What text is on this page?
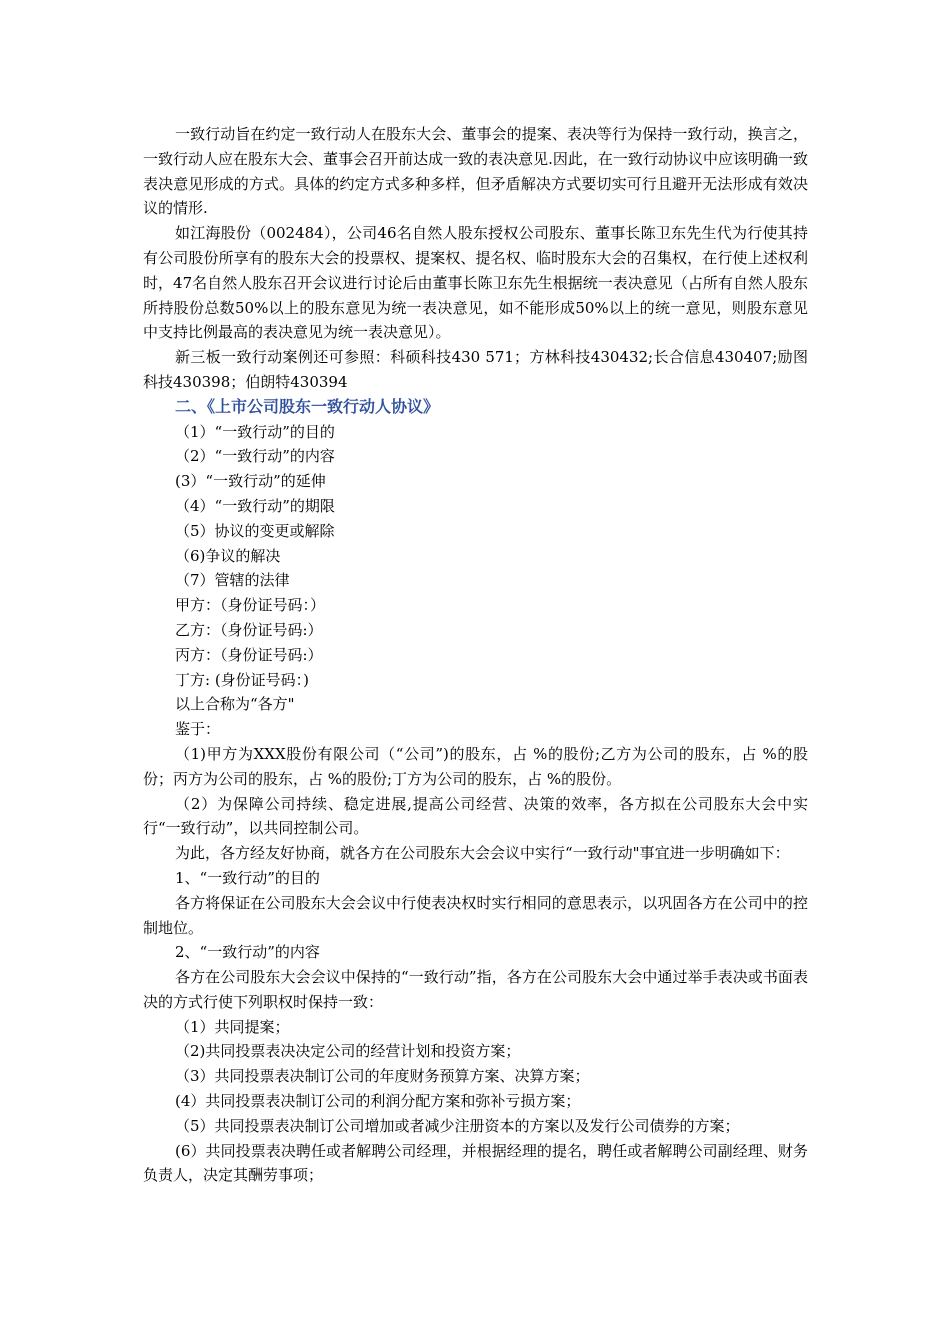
一致行动旨在约定一致行动人在股东大会、董事会的提案、表决等行为保持一致行动，换言之，一致行动人应在股东大会、董事会召开前达成一致的表决意见.因此，在一致行动协议中应该明确一致表决意见形成的方式。具体的约定方式多种多样，但矛盾解决方式要切实可行且避开无法形成有效决议的情形.

如江海股份（002484），公司46名自然人股东授权公司股东、董事长陈卫东先生代为行使其持有公司股份所享有的股东大会的投票权、提案权、提名权、临时股东大会的召集权，在行使上述权利时，47名自然人股东召开会议进行讨论后由董事长陈卫东先生根据统一表决意见（占所有自然人股东所持股份总数50%以上的股东意见为统一表决意见，如不能形成50%以上的统一意见，则股东意见中支持比例最高的表决意见为统一表决意见）。

新三板一致行动案例还可参照：科硕科技430 571；方林科技430432;长合信息430407;励图科技430398；伯朗特430394

二、《上市公司股东一致行动人协议》

（1）“一致行动”的目的

（2）“一致行动”的内容

(3）“一致行动”的延伸

（4）“一致行动”的期限

（5）协议的变更或解除

（6)争议的解决

（7）管辖的法律

甲方：（身份证号码：）

乙方：（身份证号码:）

丙方：（身份证号码:）

丁方: (身份证号码：)

以上合称为“各方"

鉴于：

（1)甲方为XXX股份有限公司（“公司”)的股东，占 %的股份;乙方为公司的股东，占 %的股份；丙方为公司的股东，占 %的股份;丁方为公司的股东，占 %的股份。

（2）为保障公司持续、稳定进展,提高公司经营、决策的效率，各方拟在公司股东大会中实行“一致行动”，以共同控制公司。

为此，各方经友好协商，就各方在公司股东大会会议中实行“一致行动"事宜进一步明确如下：

1、“一致行动”的目的

各方将保证在公司股东大会会议中行使表决权时实行相同的意思表示，以巩固各方在公司中的控制地位。

2、“一致行动”的内容

各方在公司股东大会会议中保持的“一致行动”指，各方在公司股东大会中通过举手表决或书面表决的方式行使下列职权时保持一致：

（1）共同提案；

（2)共同投票表决决定公司的经营计划和投资方案；

（3）共同投票表决制订公司的年度财务预算方案、决算方案；

(4）共同投票表决制订公司的利润分配方案和弥补亏损方案；

（5）共同投票表决制订公司增加或者减少注册资本的方案以及发行公司债券的方案；

(6）共同投票表决聘任或者解聘公司经理，并根据经理的提名，聘任或者解聘公司副经理、财务负责人，决定其酬劳事项；
